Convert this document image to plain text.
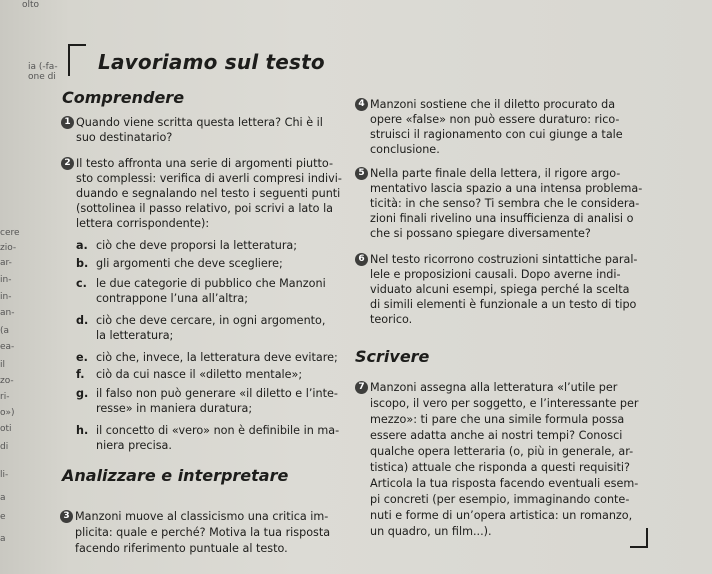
olto
ia (-fa-
one di
cere
zio-
ar-
in-
in-
an-
(a
ea-
il
zo-
ri-
o»)
oti
di
li-
a
e
a
Lavoriamo sul testo
Comprendere
1 Quando viene scritta questa lettera? Chi è il
suo destinatario?
2 Il testo affronta una serie di argomenti piutto-
sto complessi: verifica di averli compresi indivi-
duando e segnalando nel testo i seguenti punti
(sottolinea il passo relativo, poi scrivi a lato la
lettera corrispondente):
a. ciò che deve proporsi la letteratura;
b. gli argomenti che deve scegliere;
c. le due categorie di pubblico che Manzoni
contrappone l’una all’altra;
d. ciò che deve cercare, in ogni argomento,
la letteratura;
e. ciò che, invece, la letteratura deve evitare;
f. ciò da cui nasce il «diletto mentale»;
g. il falso non può generare «il diletto e l’inte-
resse» in maniera duratura;
h. il concetto di «vero» non è definibile in ma-
niera precisa.
Analizzare e interpretare
3 Manzoni muove al classicismo una critica im-
plicita: quale e perché? Motiva la tua risposta
facendo riferimento puntuale al testo.
4 Manzoni sostiene che il diletto procurato da
opere «false» non può essere duraturo: rico-
struisci il ragionamento con cui giunge a tale
conclusione.
5 Nella parte finale della lettera, il rigore argo-
mentativo lascia spazio a una intensa problema-
ticità: in che senso? Ti sembra che le considera-
zioni finali rivelino una insufficienza di analisi o
che si possano spiegare diversamente?
6 Nel testo ricorrono costruzioni sintattiche paral-
lele e proposizioni causali. Dopo averne indi-
viduato alcuni esempi, spiega perché la scelta
di simili elementi è funzionale a un testo di tipo
teorico.
Scrivere
7 Manzoni assegna alla letteratura «l’utile per
iscopo, il vero per soggetto, e l’interessante per
mezzo»: ti pare che una simile formula possa
essere adatta anche ai nostri tempi? Conosci
qualche opera letteraria (o, più in generale, ar-
tistica) attuale che risponda a questi requisiti?
Articola la tua risposta facendo eventuali esem-
pi concreti (per esempio, immaginando conte-
nuti e forme di un’opera artistica: un romanzo,
un quadro, un film...).
